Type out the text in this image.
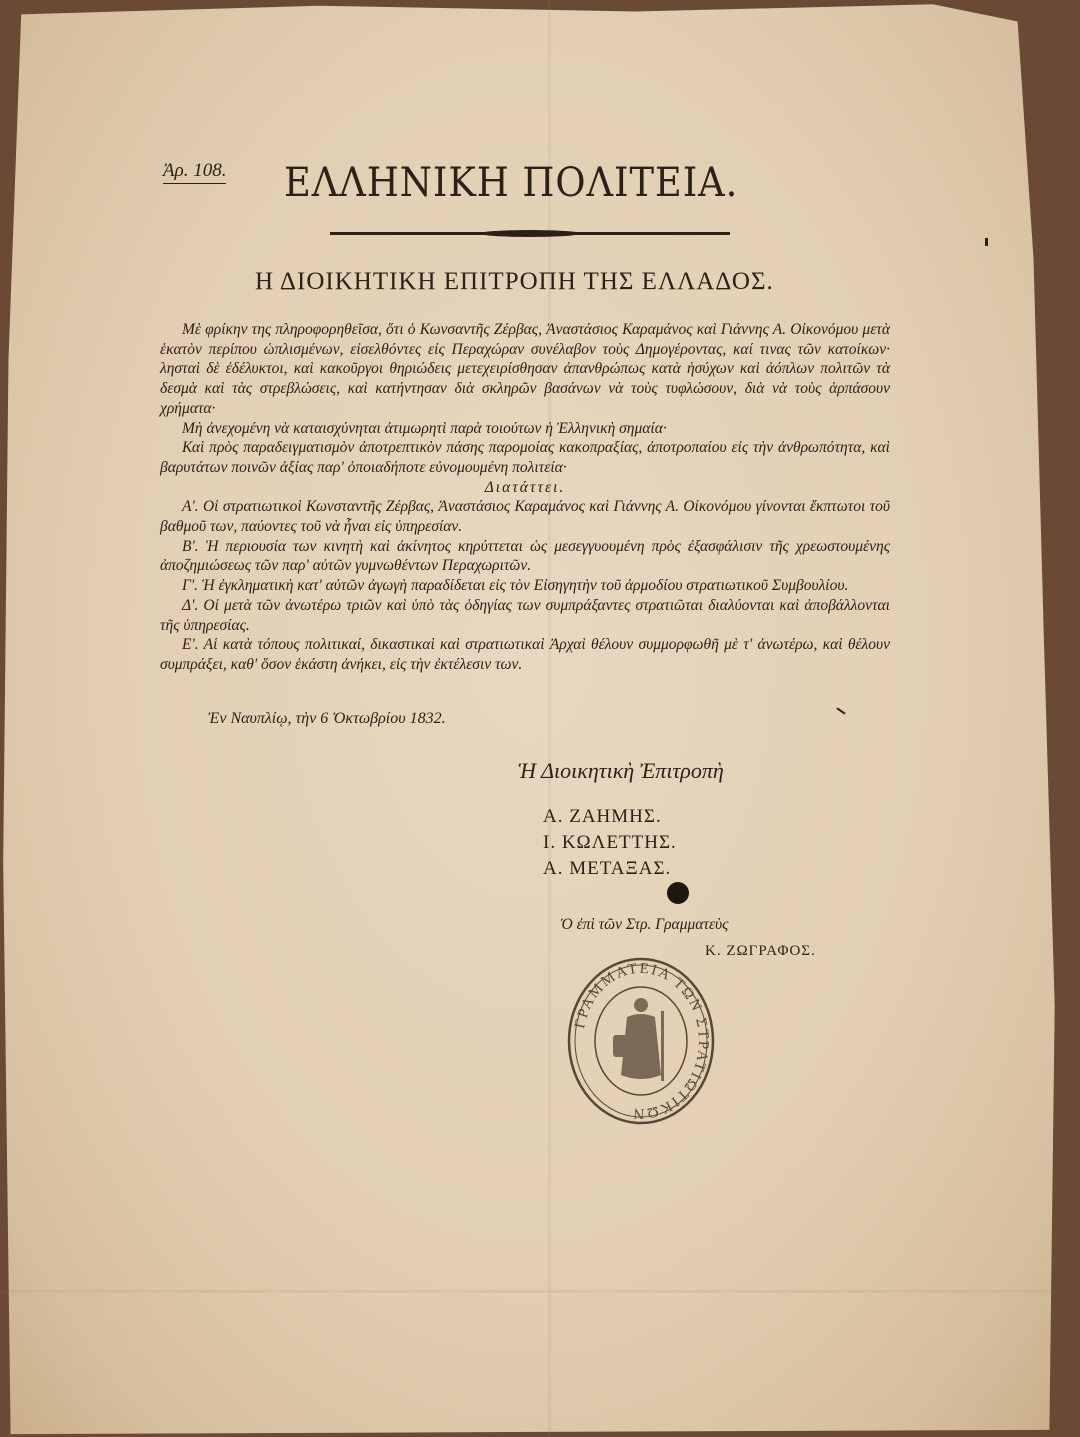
Ἀρ. 108. ΕΛΛΗΝΙΚΗ ΠΟΛΙΤΕΙΑ.
Η ΔΙΟΙΚΗΤΙΚΗ ΕΠΙΤΡΟΠΗ ΤΗΣ ΕΛΛΑΔΟΣ.

Μὲ φρίκην της πληροφορηθεῖσα, ὅτι ὁ Κωνσαντῆς Ζέρβας, Ἀναστάσιος Καραμάνος καὶ Γιάννης Α. Οἰκονόμου μετὰ ἑκατὸν περίπου ὡπλισμένων, εἰσελθόντες εἰς Περαχώραν συνέλαβον τοὺς Δημογέροντας, καί τινας τῶν κατοίκων· λησταὶ δὲ ἐδέλυκτοι, καὶ κακοῦργοι θηριώδεις μετεχειρίσθησαν ἀπανθρώπως κατὰ ἡσύχων καὶ ἀόπλων πολιτῶν τὰ δεσμὰ καὶ τὰς στρεβλώσεις, καὶ κατήντησαν διὰ σκληρῶν βασάνων νὰ τοὺς τυφλώσουν, διὰ νὰ τοὺς ἁρπάσουν χρήματα·

Μὴ ἀνεχομένη νὰ καταισχύνηται ἀτιμωρητὶ παρὰ τοιούτων ἡ Ἑλληνικὴ σημαία·

Καὶ πρὸς παραδειγματισμὸν ἀποτρεπτικὸν πάσης παρομοίας κακοπραξίας, ἀποτροπαίου εἰς τὴν ἀνθρωπότητα, καὶ βαρυτάτων ποινῶν ἀξίας παρ' ὁποιαδήποτε εὐνομουμένη πολιτεία·

Διατάττει.

Α'. Οἱ στρατιωτικοὶ Κωνσταντῆς Ζέρβας, Ἀναστάσιος Καραμάνος καὶ Γιάννης Α. Οἰκονόμου γίνονται ἔκπτωτοι τοῦ βαθμοῦ των, παύοντες τοῦ νὰ ἦναι εἰς ὑπηρεσίαν.

Β'. Ἡ περιουσία των κινητὴ καὶ ἀκίνητος κηρύττεται ὡς μεσεγγυουμένη πρὸς ἐξασφάλισιν τῆς χρεωστουμένης ἀποζημιώσεως τῶν παρ' αὐτῶν γυμνωθέντων Περαχωριτῶν.

Γ'. Ἡ ἐγκληματικὴ κατ' αὐτῶν ἀγωγὴ παραδίδεται εἰς τὸν Εἰσηγητὴν τοῦ ἁρμοδίου στρατιωτικοῦ Συμβουλίου.

Δ'. Οἱ μετὰ τῶν ἀνωτέρω τριῶν καὶ ὑπὸ τὰς ὁδηγίας των συμπράξαντες στρατιῶται διαλύονται καὶ ἀποβάλλονται τῆς ὑπηρεσίας.

Ε'. Αἱ κατὰ τόπους πολιτικαί, δικαστικαὶ καὶ στρατιωτικαὶ Ἀρχαὶ θέλουν συμμορφωθῆ μὲ τ' ἀνωτέρω, καὶ θέλουν συμπράξει, καθ' ὅσον ἑκάστη ἀνήκει, εἰς τὴν ἐκτέλεσιν των.

Ἐν Ναυπλίῳ, τὴν 6 Ὀκτωβρίου 1832.
Ἡ Διοικητικὴ Ἐπιτροπὴ
Α. ΖΑΗΜΗΣ.
Ι. ΚΩΛΕΤΤΗΣ.
Α. ΜΕΤΑΞΑΣ.
Ὁ ἐπὶ τῶν Στρ. Γραμματεὺς
Κ. ΖΩΓΡΑΦΟΣ.
ΓΡΑΜΜΑΤΕΙΑ ΤΩΝ ΣΤΡΑΤΙΩΤΙΚΩΝ
